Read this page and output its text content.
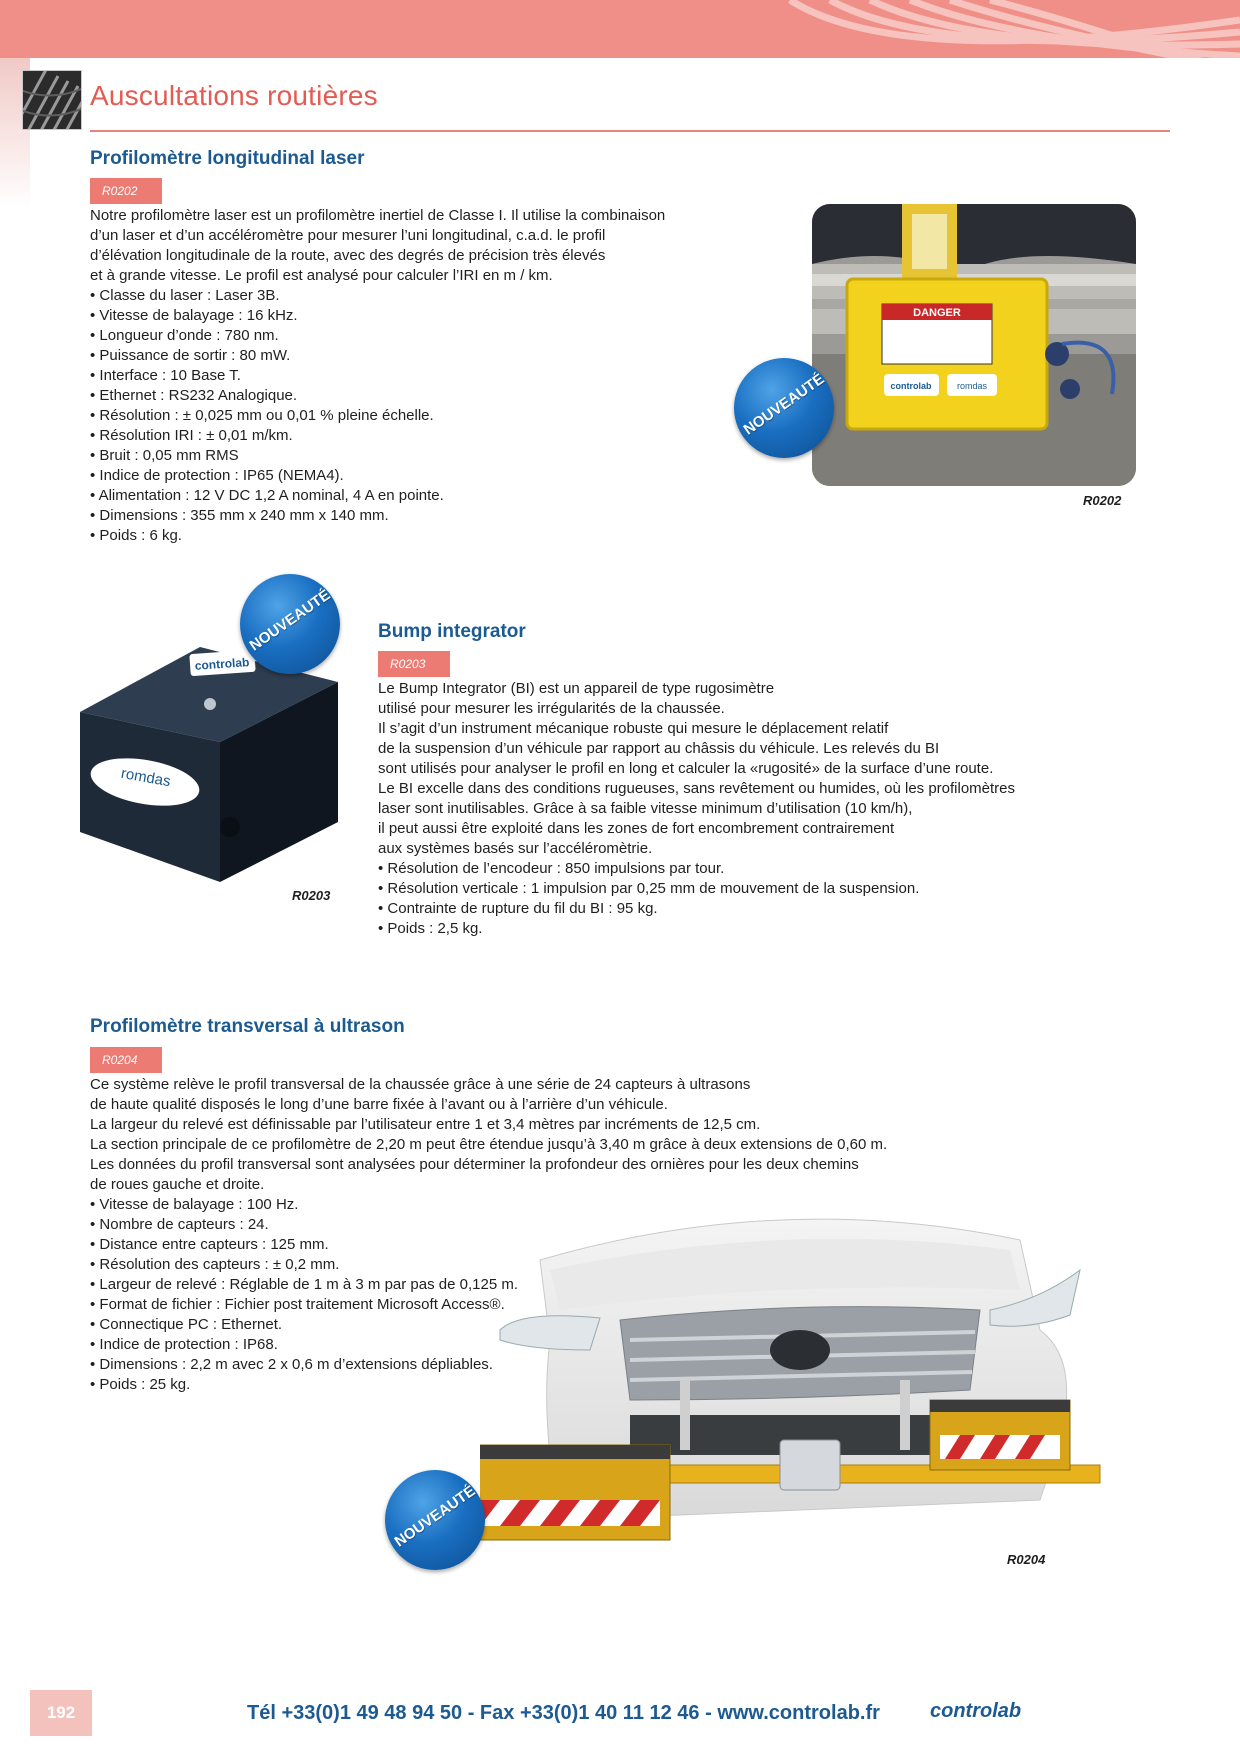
Auscultations routières
Profilomètre longitudinal laser
R0202
Notre profilomètre laser est un profilomètre inertiel de Classe I. Il utilise la combinaison
d’un laser et d’un accéléromètre pour mesurer l’uni longitudinal, c.a.d. le profil
d’élévation longitudinale de la route, avec des degrés de précision très élevés
et à grande vitesse. Le profil est analysé pour calculer l’IRI en m / km.
• Classe du laser : Laser 3B.
• Vitesse de balayage : 16 kHz.
• Longueur d’onde : 780 nm.
• Puissance de sortir : 80 mW.
• Interface : 10 Base T.
• Ethernet : RS232 Analogique.
• Résolution : ± 0,025 mm ou 0,01 % pleine échelle.
• Résolution IRI : ± 0,01 m/km.
• Bruit : 0,05 mm RMS
• Indice de protection : IP65 (NEMA4).
• Alimentation : 12 V DC 1,2 A nominal, 4 A en pointe.
• Dimensions : 355 mm x 240 mm x 140 mm.
• Poids : 6 kg.
DANGER
controlab	romdas
NOUVEAUTÉ
R0202
controlab
romdas
NOUVEAUTÉ
R0203
Bump integrator
R0203
Le Bump Integrator (BI) est un appareil de type rugosimètre
utilisé pour mesurer les irrégularités de la chaussée.
Il s’agit d’un instrument mécanique robuste qui mesure le déplacement relatif
de la suspension d’un véhicule par rapport au châssis du véhicule. Les relevés du BI
sont utilisés pour analyser le profil en long et calculer la «rugosité» de la surface d’une route.
Le BI excelle dans des conditions rugueuses, sans revêtement ou humides, où les profilomètres
laser sont inutilisables. Grâce à sa faible vitesse minimum d’utilisation (10 km/h),
il peut aussi être exploité dans les zones de fort encombrement contrairement
aux systèmes basés sur l’accéléromètrie.
• Résolution de l’encodeur : 850 impulsions par tour.
• Résolution verticale : 1 impulsion par 0,25 mm de mouvement de la suspension.
• Contrainte de rupture du fil du BI : 95 kg.
• Poids : 2,5 kg.
Profilomètre transversal à ultrason
R0204
Ce système relève le profil transversal de la chaussée grâce à une série de 24 capteurs à ultrasons
de haute qualité disposés le long d’une barre fixée à l’avant ou à l’arrière d’un véhicule.
La largeur du relevé est définissable par l’utilisateur entre 1 et 3,4 mètres par incréments de 12,5 cm.
La section principale de ce profilomètre de 2,20 m peut être étendue jusqu’à 3,40 m grâce à deux extensions de 0,60 m.
Les données du profil transversal sont analysées pour déterminer la profondeur des ornières pour les deux chemins
de roues gauche et droite.
• Vitesse de balayage : 100 Hz.
• Nombre de capteurs : 24.
• Distance entre capteurs : 125 mm.
• Résolution des capteurs : ± 0,2 mm.
• Largeur de relevé : Réglable de 1 m à 3 m par pas de 0,125 m.
• Format de fichier : Fichier post traitement Microsoft Access®.
• Connectique PC : Ethernet.
• Indice de protection : IP68.
• Dimensions : 2,2 m avec 2 x 0,6 m d’extensions dépliables.
• Poids : 25 kg.
NOUVEAUTÉ
R0204
192	Tél +33(0)1 49 48 94 50 - Fax +33(0)1 40 11 12 46 - www.controlab.fr	controlab
